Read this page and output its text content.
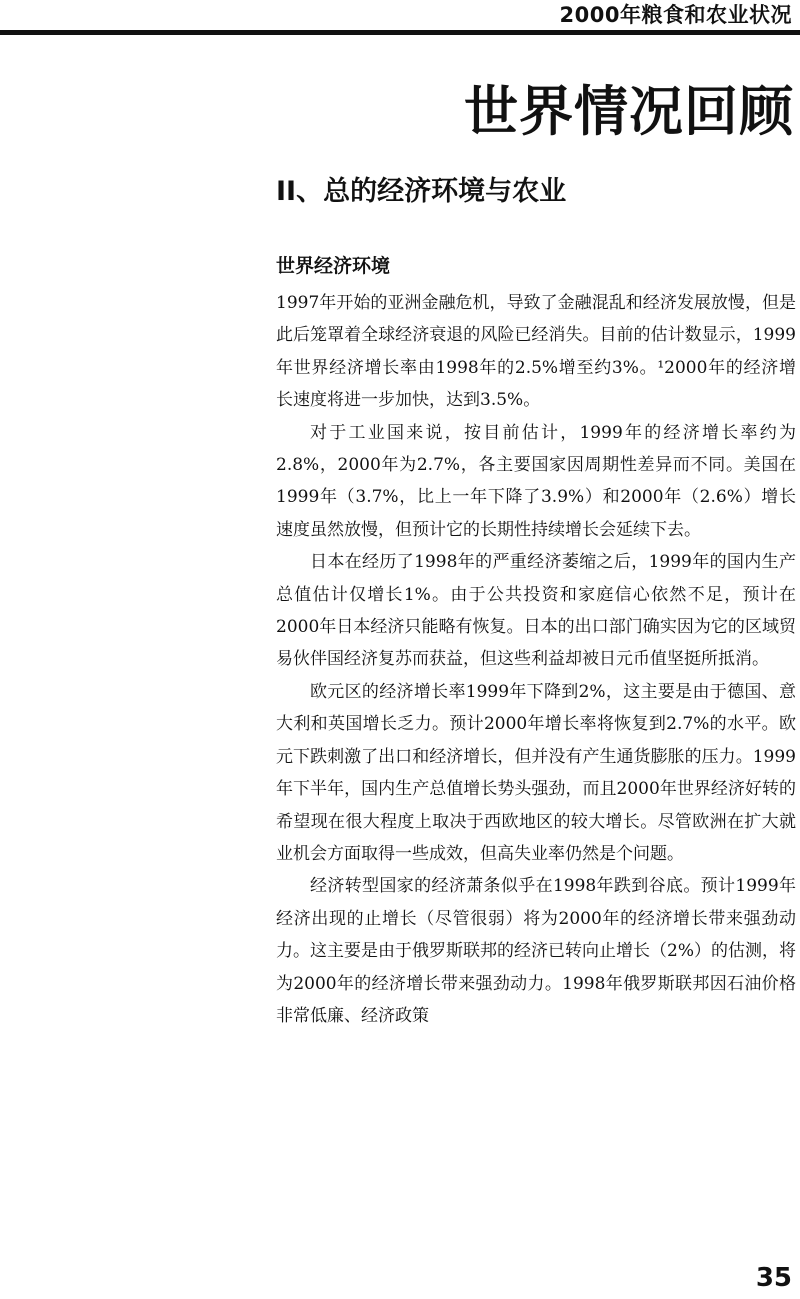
2000年粮食和农业状况
世界情况回顾
II、总的经济环境与农业
世界经济环境

1997年开始的亚洲金融危机，导致了金融混乱和经济发展放慢，但是此后笼罩着全球经济衰退的风险已经消失。目前的估计数显示，1999年世界经济增长率由1998年的2.5%增至约3%。¹2000年的经济增长速度将进一步加快，达到3.5%。

对于工业国来说，按目前估计，1999年的经济增长率约为2.8%，2000年为2.7%，各主要国家因周期性差异而不同。美国在1999年（3.7%，比上一年下降了3.9%）和2000年（2.6%）增长速度虽然放慢，但预计它的长期性持续增长会延续下去。

日本在经历了1998年的严重经济萎缩之后，1999年的国内生产总值估计仅增长1%。由于公共投资和家庭信心依然不足，预计在2000年日本经济只能略有恢复。日本的出口部门确实因为它的区域贸易伙伴国经济复苏而获益，但这些利益却被日元币值坚挺所抵消。

欧元区的经济增长率1999年下降到2%，这主要是由于德国、意大利和英国增长乏力。预计2000年增长率将恢复到2.7%的水平。欧元下跌刺激了出口和经济增长，但并没有产生通货膨胀的压力。1999年下半年，国内生产总值增长势头强劲，而且2000年世界经济好转的希望现在很大程度上取决于西欧地区的较大增长。尽管欧洲在扩大就业机会方面取得一些成效，但高失业率仍然是个问题。

经济转型国家的经济萧条似乎在1998年跌到谷底。预计1999年经济出现的止增长（尽管很弱）将为2000年的经济增长带来强劲动力。这主要是由于俄罗斯联邦的经济已转向止增长（2%）的估测，将为2000年的经济增长带来强劲动力。1998年俄罗斯联邦因石油价格非常低廉、经济政策

35
